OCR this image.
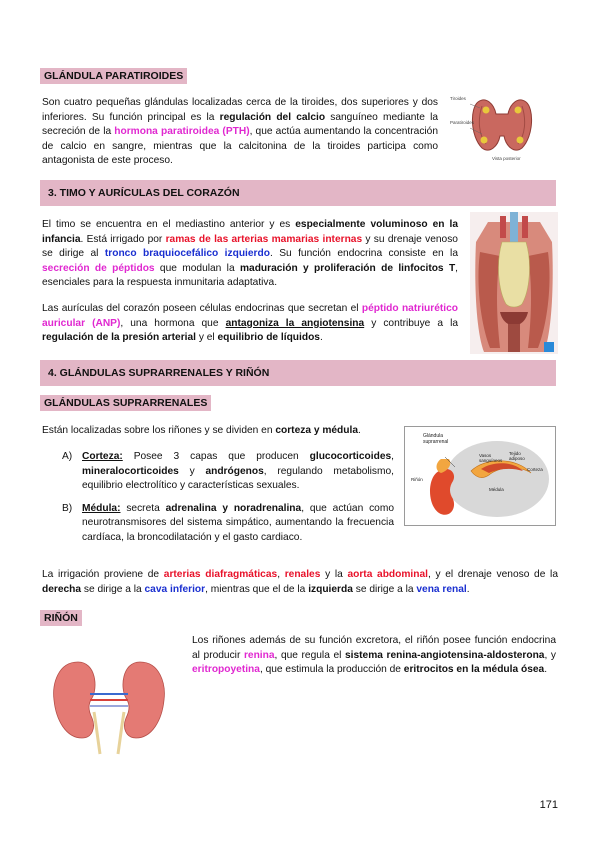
GLÁNDULA PARATIROIDES
Son cuatro pequeñas glándulas localizadas cerca de la tiroides, dos superiores y dos inferiores. Su función principal es la regulación del calcio sanguíneo mediante la secreción de la hormona paratiroidea (PTH), que actúa aumentando la concentración de calcio en sangre, mientras que la calcitonina de la tiroides participa como antagonista de este proceso.
Tiroides
Paratiroides
Vista posterior
3. TIMO Y AURÍCULAS DEL CORAZÓN
El timo se encuentra en el mediastino anterior y es especialmente voluminoso en la infancia. Está irrigado por ramas de las arterias mamarias internas y su drenaje venoso se dirige al tronco braquiocefálico izquierdo. Su función endocrina consiste en la secreción de péptidos que modulan la maduración y proliferación de linfocitos T, esenciales para la respuesta inmunitaria adaptativa.
Las aurículas del corazón poseen células endocrinas que secretan el péptido natriurético auricular (ANP), una hormona que antagoniza la angiotensina y contribuye a la regulación de la presión arterial y el equilibrio de líquidos.
4. GLÁNDULAS SUPRARRENALES Y RIÑÓN
GLÁNDULAS SUPRARRENALES
Están localizadas sobre los riñones y se dividen en corteza y médula.
A) Corteza: Posee 3 capas que producen glucocorticoides, mineralocorticoides y andrógenos, regulando metabolismo, equilibrio electrolítico y características sexuales.
B) Médula: secreta adrenalina y noradrenalina, que actúan como neurotransmisores del sistema simpático, aumentando la frecuencia cardíaca, la broncodilatación y el gasto cardiaco.
Glándula
suprarrenal
Tejido
adiposo
Vasos
sanguíneos
Corteza
Médula
Riñón
La irrigación proviene de arterias diafragmáticas, renales y la aorta abdominal, y el drenaje venoso de la derecha se dirige a la cava inferior, mientras que el de la izquierda se dirige a la vena renal.
RIÑÓN
Los riñones además de su función excretora, el riñón posee función endocrina al producir renina, que regula el sistema renina-angiotensina-aldosterona, y eritropoyetina, que estimula la producción de eritrocitos en la médula ósea.
171
